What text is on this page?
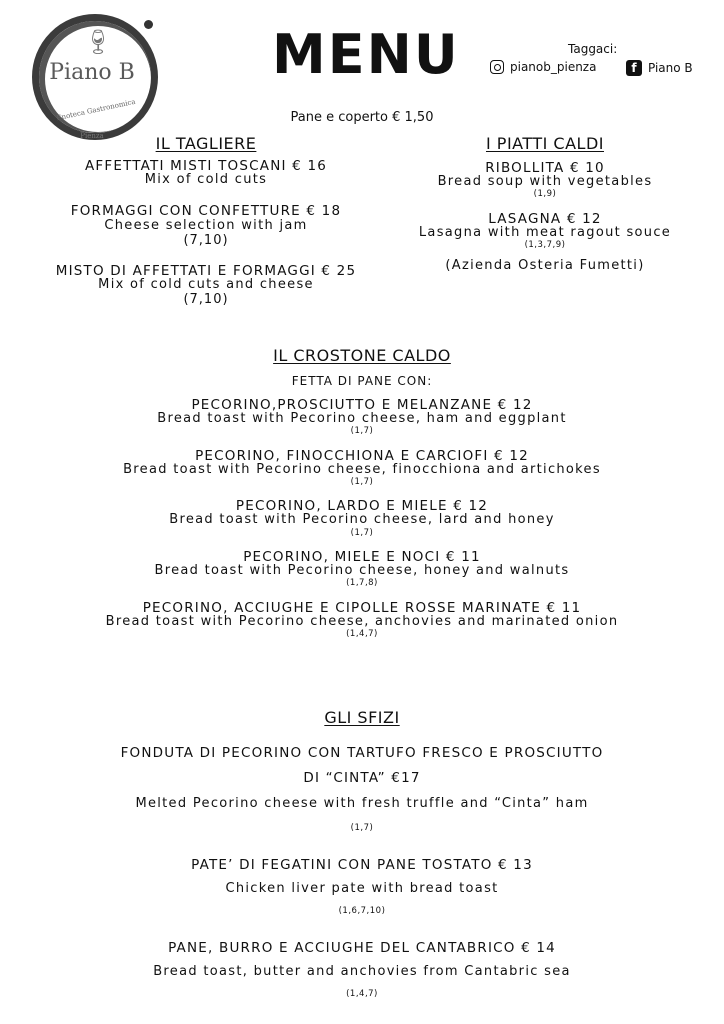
🍷︎
Piano B
Enoteca Gastronomica
Pienza
MENU	Taggaci:
pianob_pienza	f Piano B
Pane e coperto € 1,50
IL TAGLIERE
AFFETTATI MISTI TOSCANI € 16
Mix of cold cuts
FORMAGGI CON CONFETTURE € 18
Cheese selection with jam
(7,10)
MISTO DI AFFETTATI E FORMAGGI € 25
Mix of cold cuts and cheese
(7,10)
I PIATTI CALDI
RIBOLLITA € 10
Bread soup with vegetables
(1,9)
LASAGNA € 12
Lasagna with meat ragout souce
(1,3,7,9)
(Azienda Osteria Fumetti)
IL CROSTONE CALDO
FETTA DI PANE CON:
PECORINO,PROSCIUTTO E MELANZANE € 12
Bread toast with Pecorino cheese, ham and eggplant
(1,7)
PECORINO, FINOCCHIONA E CARCIOFI € 12
Bread toast with Pecorino cheese, finocchiona and artichokes
(1,7)
PECORINO, LARDO E MIELE € 12
Bread toast with Pecorino cheese, lard and honey
(1,7)
PECORINO, MIELE E NOCI € 11
Bread toast with Pecorino cheese, honey and walnuts
(1,7,8)
PECORINO, ACCIUGHE E CIPOLLE ROSSE MARINATE € 11
Bread toast with Pecorino cheese, anchovies and marinated onion
(1,4,7)
GLI SFIZI
FONDUTA DI PECORINO CON TARTUFO FRESCO E PROSCIUTTO
DI “CINTA” €17
Melted Pecorino cheese with fresh truffle and “Cinta” ham
(1,7)
PATE’ DI FEGATINI CON PANE TOSTATO € 13
Chicken liver pate with bread toast
(1,6,7,10)
PANE, BURRO E ACCIUGHE DEL CANTABRICO € 14
Bread toast, butter and anchovies from Cantabric sea
(1,4,7)
